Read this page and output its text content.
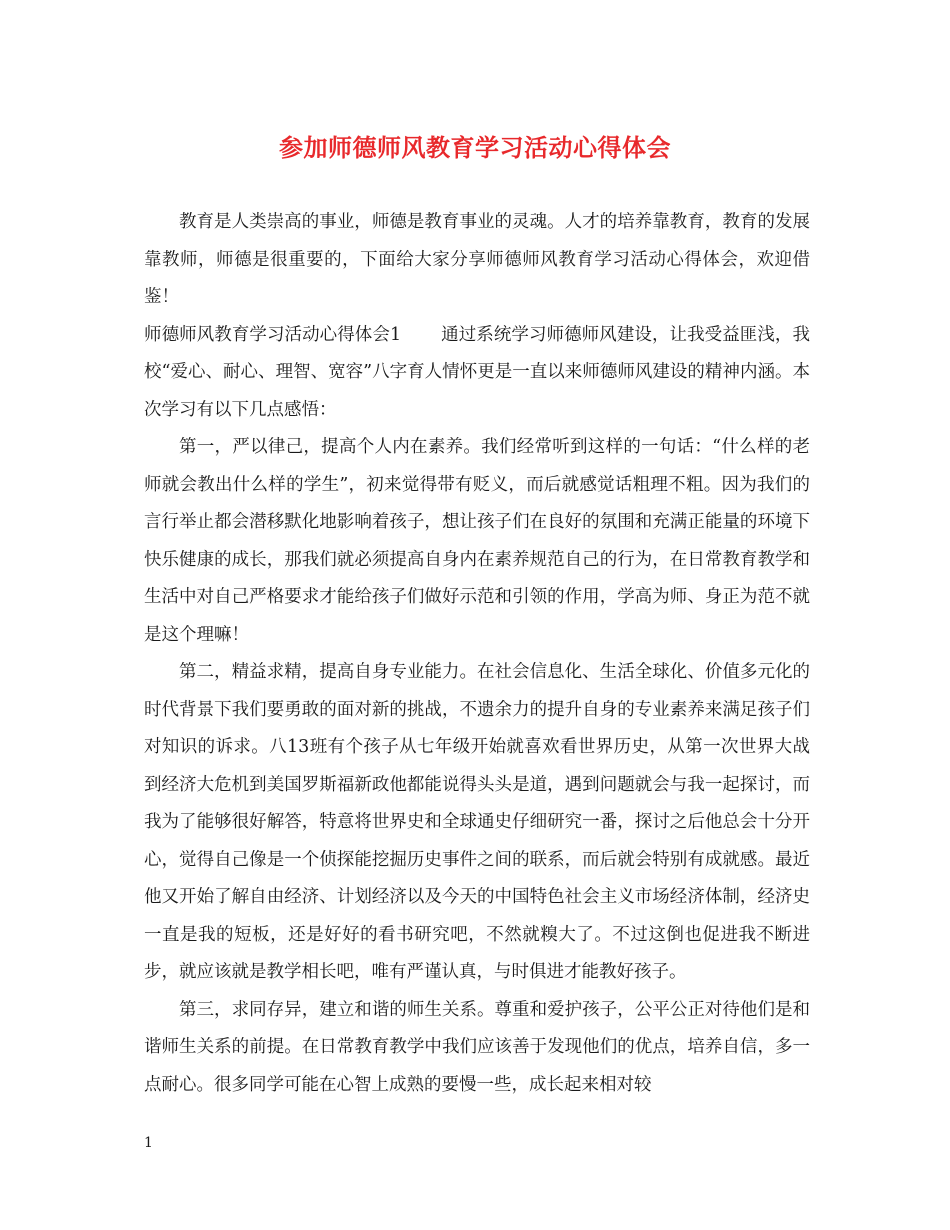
参加师德师风教育学习活动心得体会

教育是人类崇高的事业，师德是教育事业的灵魂。人才的培养靠教育，教育的发展靠教师，师德是很重要的，下面给大家分享师德师风教育学习活动心得体会，欢迎借鉴！

师德师风教育学习活动心得体会1 通过系统学习师德师风建设，让我受益匪浅，我校“爱心、耐心、理智、宽容”八字育人情怀更是一直以来师德师风建设的精神内涵。本次学习有以下几点感悟：

第一，严以律己，提高个人内在素养。我们经常听到这样的一句话：“什么样的老师就会教出什么样的学生”，初来觉得带有贬义，而后就感觉话粗理不粗。因为我们的言行举止都会潜移默化地影响着孩子，想让孩子们在良好的氛围和充满正能量的环境下快乐健康的成长，那我们就必须提高自身内在素养规范自己的行为，在日常教育教学和生活中对自己严格要求才能给孩子们做好示范和引领的作用，学高为师、身正为范不就是这个理嘛！

第二，精益求精，提高自身专业能力。在社会信息化、生活全球化、价值多元化的时代背景下我们要勇敢的面对新的挑战，不遗余力的提升自身的专业素养来满足孩子们对知识的诉求。八13班有个孩子从七年级开始就喜欢看世界历史，从第一次世界大战到经济大危机到美国罗斯福新政他都能说得头头是道，遇到问题就会与我一起探讨，而我为了能够很好解答，特意将世界史和全球通史仔细研究一番，探讨之后他总会十分开心，觉得自己像是一个侦探能挖掘历史事件之间的联系，而后就会特别有成就感。最近他又开始了解自由经济、计划经济以及今天的中国特色社会主义市场经济体制，经济史一直是我的短板，还是好好的看书研究吧，不然就糗大了。不过这倒也促进我不断进步，就应该就是教学相长吧，唯有严谨认真，与时俱进才能教好孩子。

第三，求同存异，建立和谐的师生关系。尊重和爱护孩子，公平公正对待他们是和谐师生关系的前提。在日常教育教学中我们应该善于发现他们的优点，培养自信，多一点耐心。很多同学可能在心智上成熟的要慢一些，成长起来相对较

1
